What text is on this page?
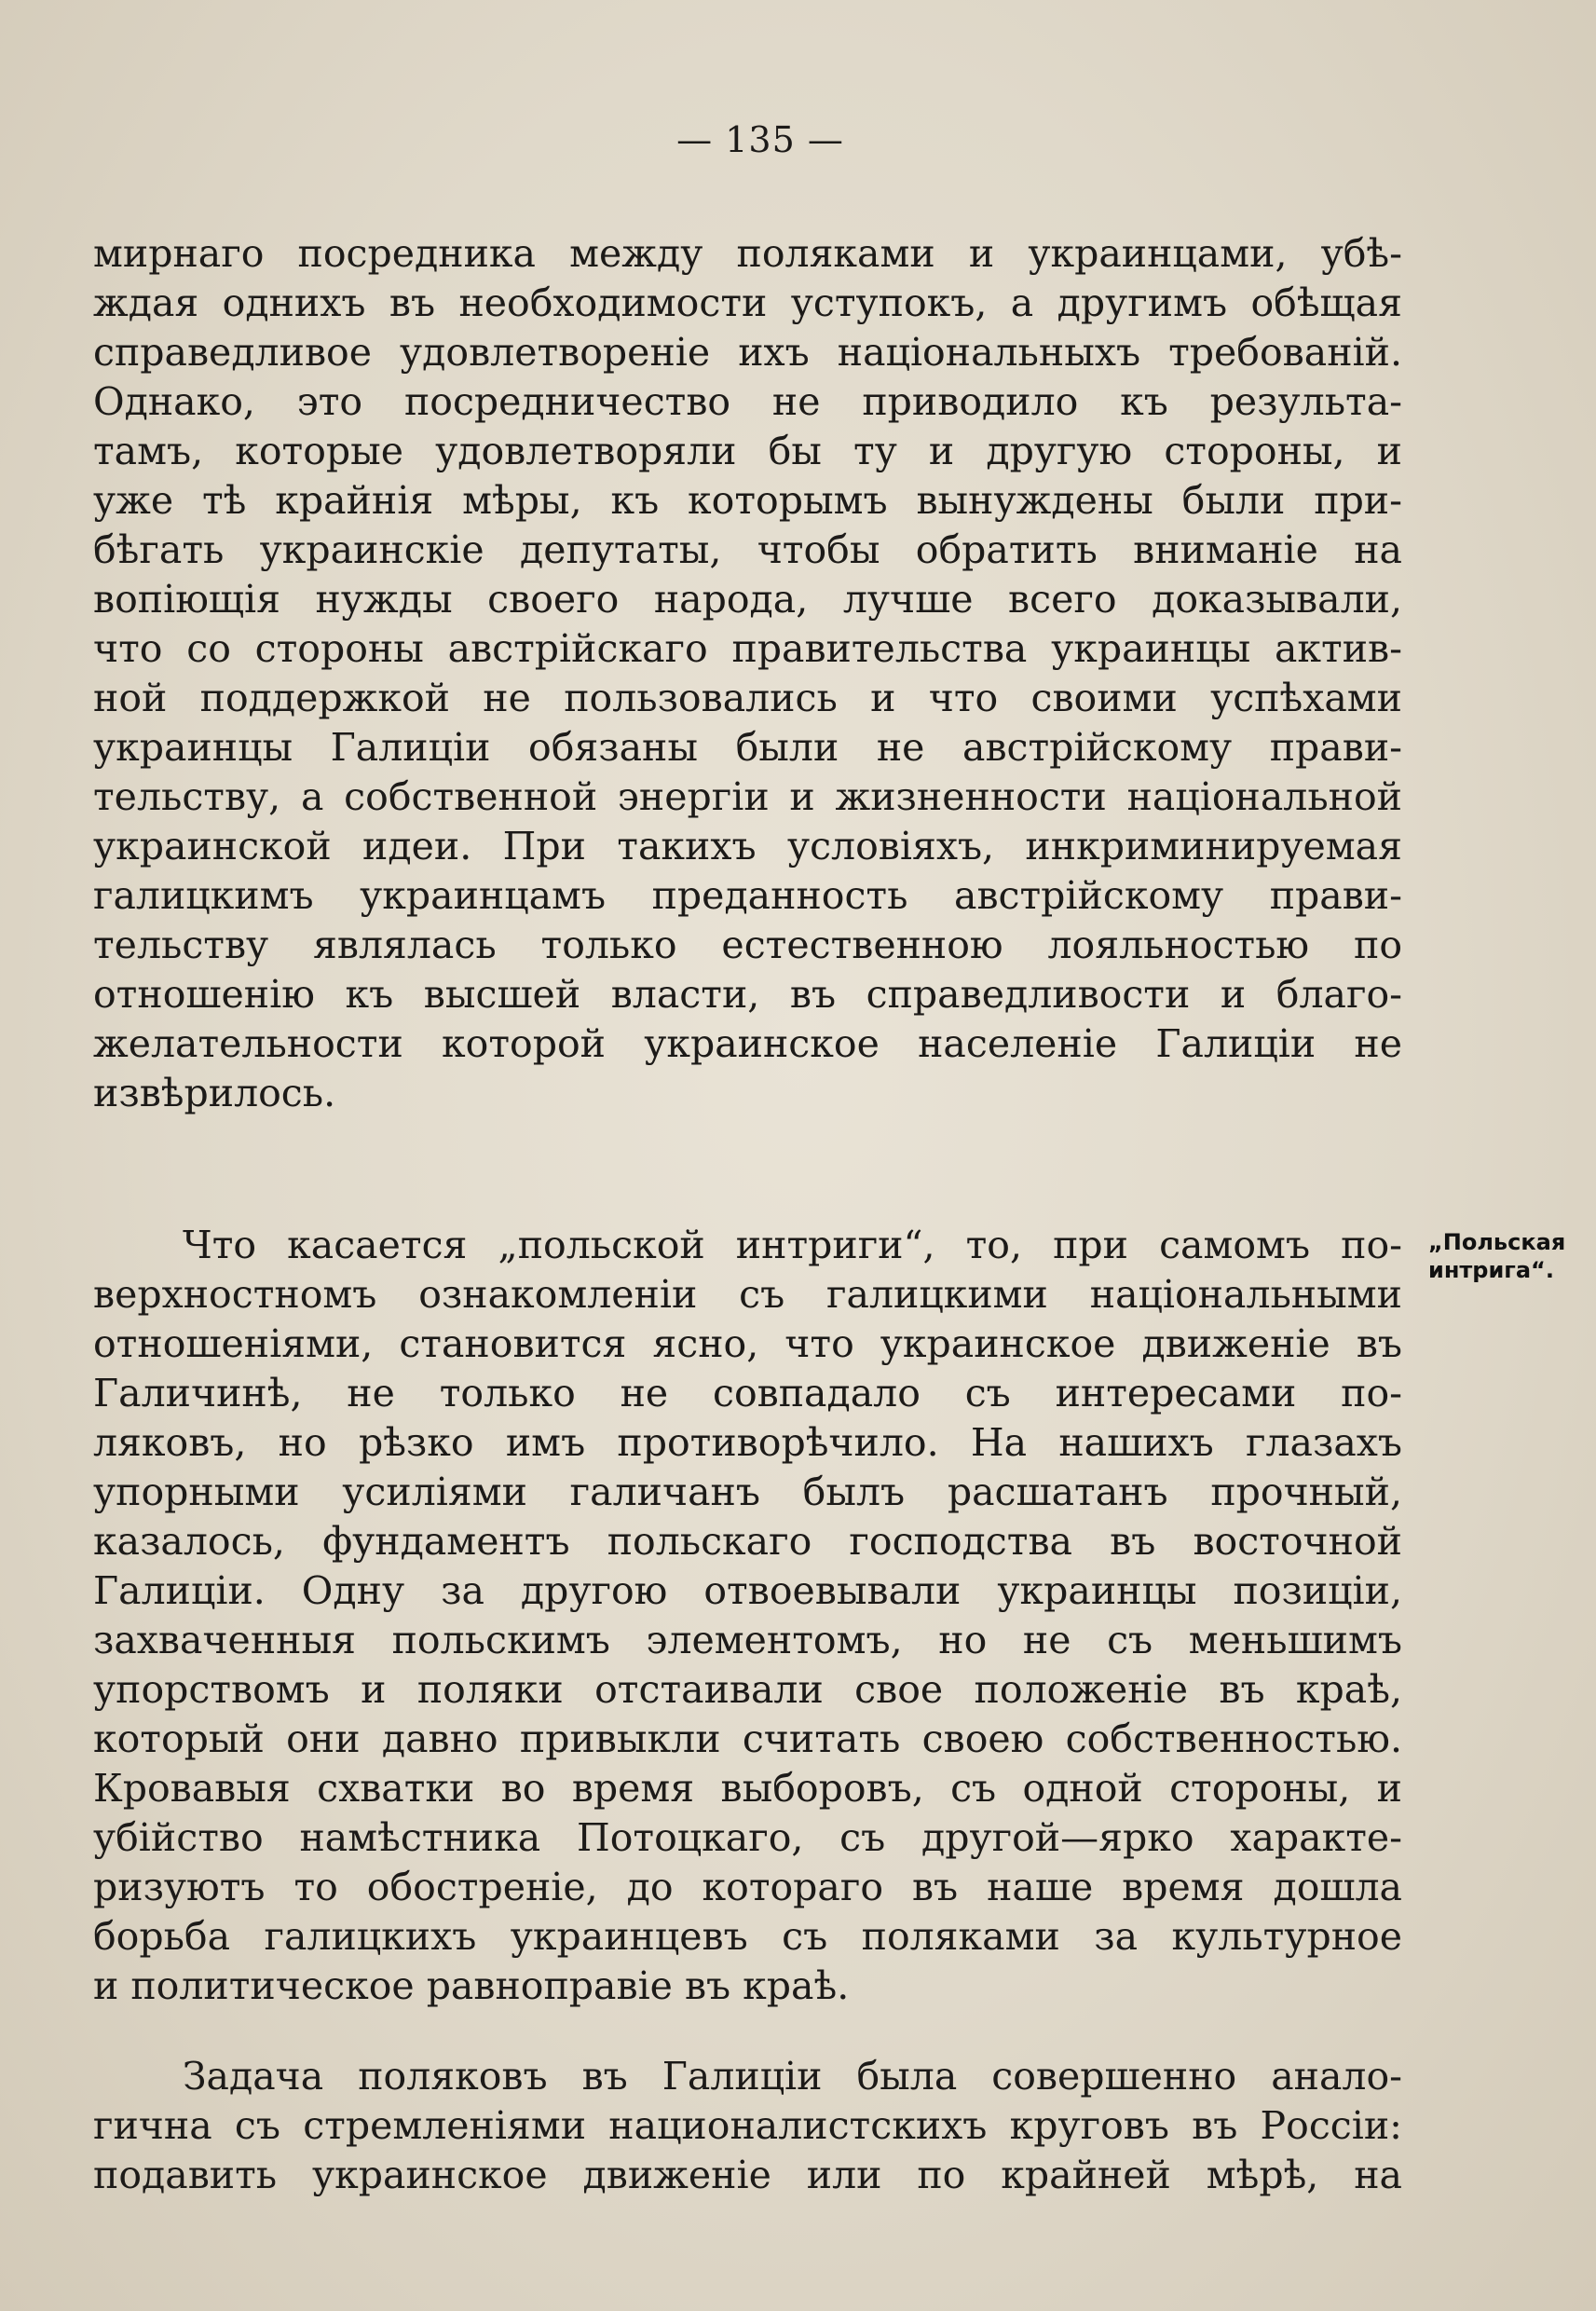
— 135 —
мирнаго посредника между поляками и украинцами, убѣ-
ждая однихъ въ необходимости уступокъ, а другимъ обѣщая
справедливое удовлетвореніе ихъ національныхъ требованій.
Однако, это посредничество не приводило къ результа-
тамъ, которые удовлетворяли бы ту и другую стороны, и
уже тѣ крайнія мѣры, къ которымъ вынуждены были при-
бѣгать украинскіе депутаты, чтобы обратить вниманіе на
вопіющія нужды своего народа, лучше всего доказывали,
что со стороны австрійскаго правительства украинцы актив-
ной поддержкой не пользовались и что своими успѣхами
украинцы Галиціи обязаны были не австрійскому прави-
тельству, а собственной энергіи и жизненности національной
украинской идеи. При такихъ условіяхъ, инкриминируемая
галицкимъ украинцамъ преданность австрійскому прави-
тельству являлась только естественною лояльностью по
отношенію къ высшей власти, въ справедливости и благо-
желательности которой украинское населеніе Галиціи не
извѣрилось.
„Польская
интрига“.
Что касается „польской интриги“, то, при самомъ по-
верхностномъ ознакомленіи съ галицкими національными
отношеніями, становится ясно, что украинское движеніе въ
Галичинѣ, не только не совпадало съ интересами по-
ляковъ, но рѣзко имъ противорѣчило. На нашихъ глазахъ
упорными усиліями галичанъ былъ расшатанъ прочный,
казалось, фундаментъ польскаго господства въ восточной
Галиціи. Одну за другою отвоевывали украинцы позиціи,
захваченныя польскимъ элементомъ, но не съ меньшимъ
упорствомъ и поляки отстаивали свое положеніе въ краѣ,
который они давно привыкли считать своею собственностью.
Кровавыя схватки во время выборовъ, съ одной стороны, и
убійство намѣстника Потоцкаго, съ другой—ярко характе-
ризуютъ то обостреніе, до котораго въ наше время дошла
борьба галицкихъ украинцевъ съ поляками за культурное
и политическое равноправіе въ краѣ.
Задача поляковъ въ Галиціи была совершенно анало-
гична съ стремленіями националистскихъ круговъ въ Россіи:
подавить украинское движеніе или по крайней мѣрѣ, на
